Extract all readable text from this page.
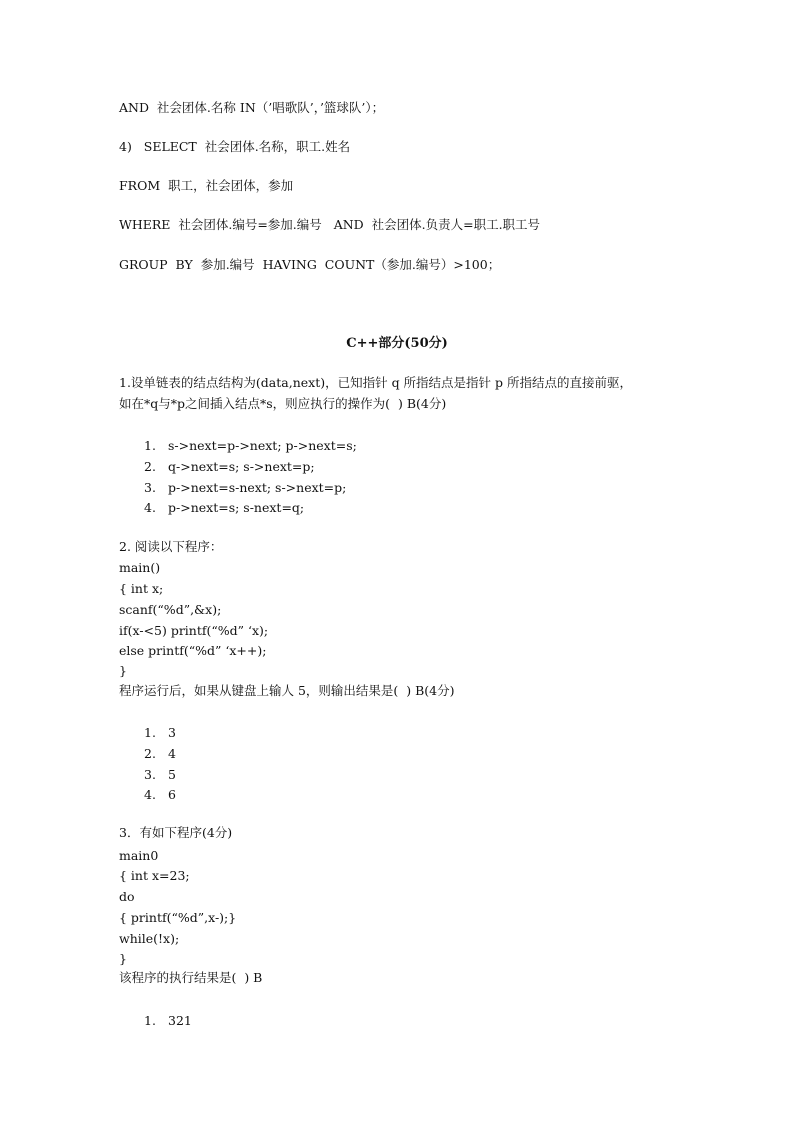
AND  社会团体.名称 IN（’唱歌队’，’篮球队’）；
4)   SELECT  社会团体.名称，职工.姓名
FROM  职工，社会团体，参加
WHERE  社会团体.编号=参加.编号   AND  社会团体.负责人=职工.职工号
GROUP  BY  参加.编号  HAVING  COUNT（参加.编号）>100；
C++部分(50分)
1.设单链表的结点结构为(data,next)，已知指针 q 所指结点是指针 p 所指结点的直接前驱，
如在*q与*p之间插入结点*s，则应执行的操作为(  ) B(4分)
1. s->next=p->next; p->next=s;
2. q->next=s; s->next=p;
3. p->next=s-next; s->next=p;
4. p->next=s; s-next=q;
2. 阅读以下程序：
main()
{ int x;
scanf(“%d”,&x);
if(x-<5) printf(“%d” ‘x);
else printf(“%d” ‘x++);
}
程序运行后，如果从键盘上输人 5，则输出结果是(  ) B(4分)
1. 3
2. 4
3. 5
4. 6
3．有如下程序(4分)
main0
{ int x=23;
do
{ printf(“%d”,x-);}
while(!x);
}
该程序的执行结果是(  ) B
1. 321
